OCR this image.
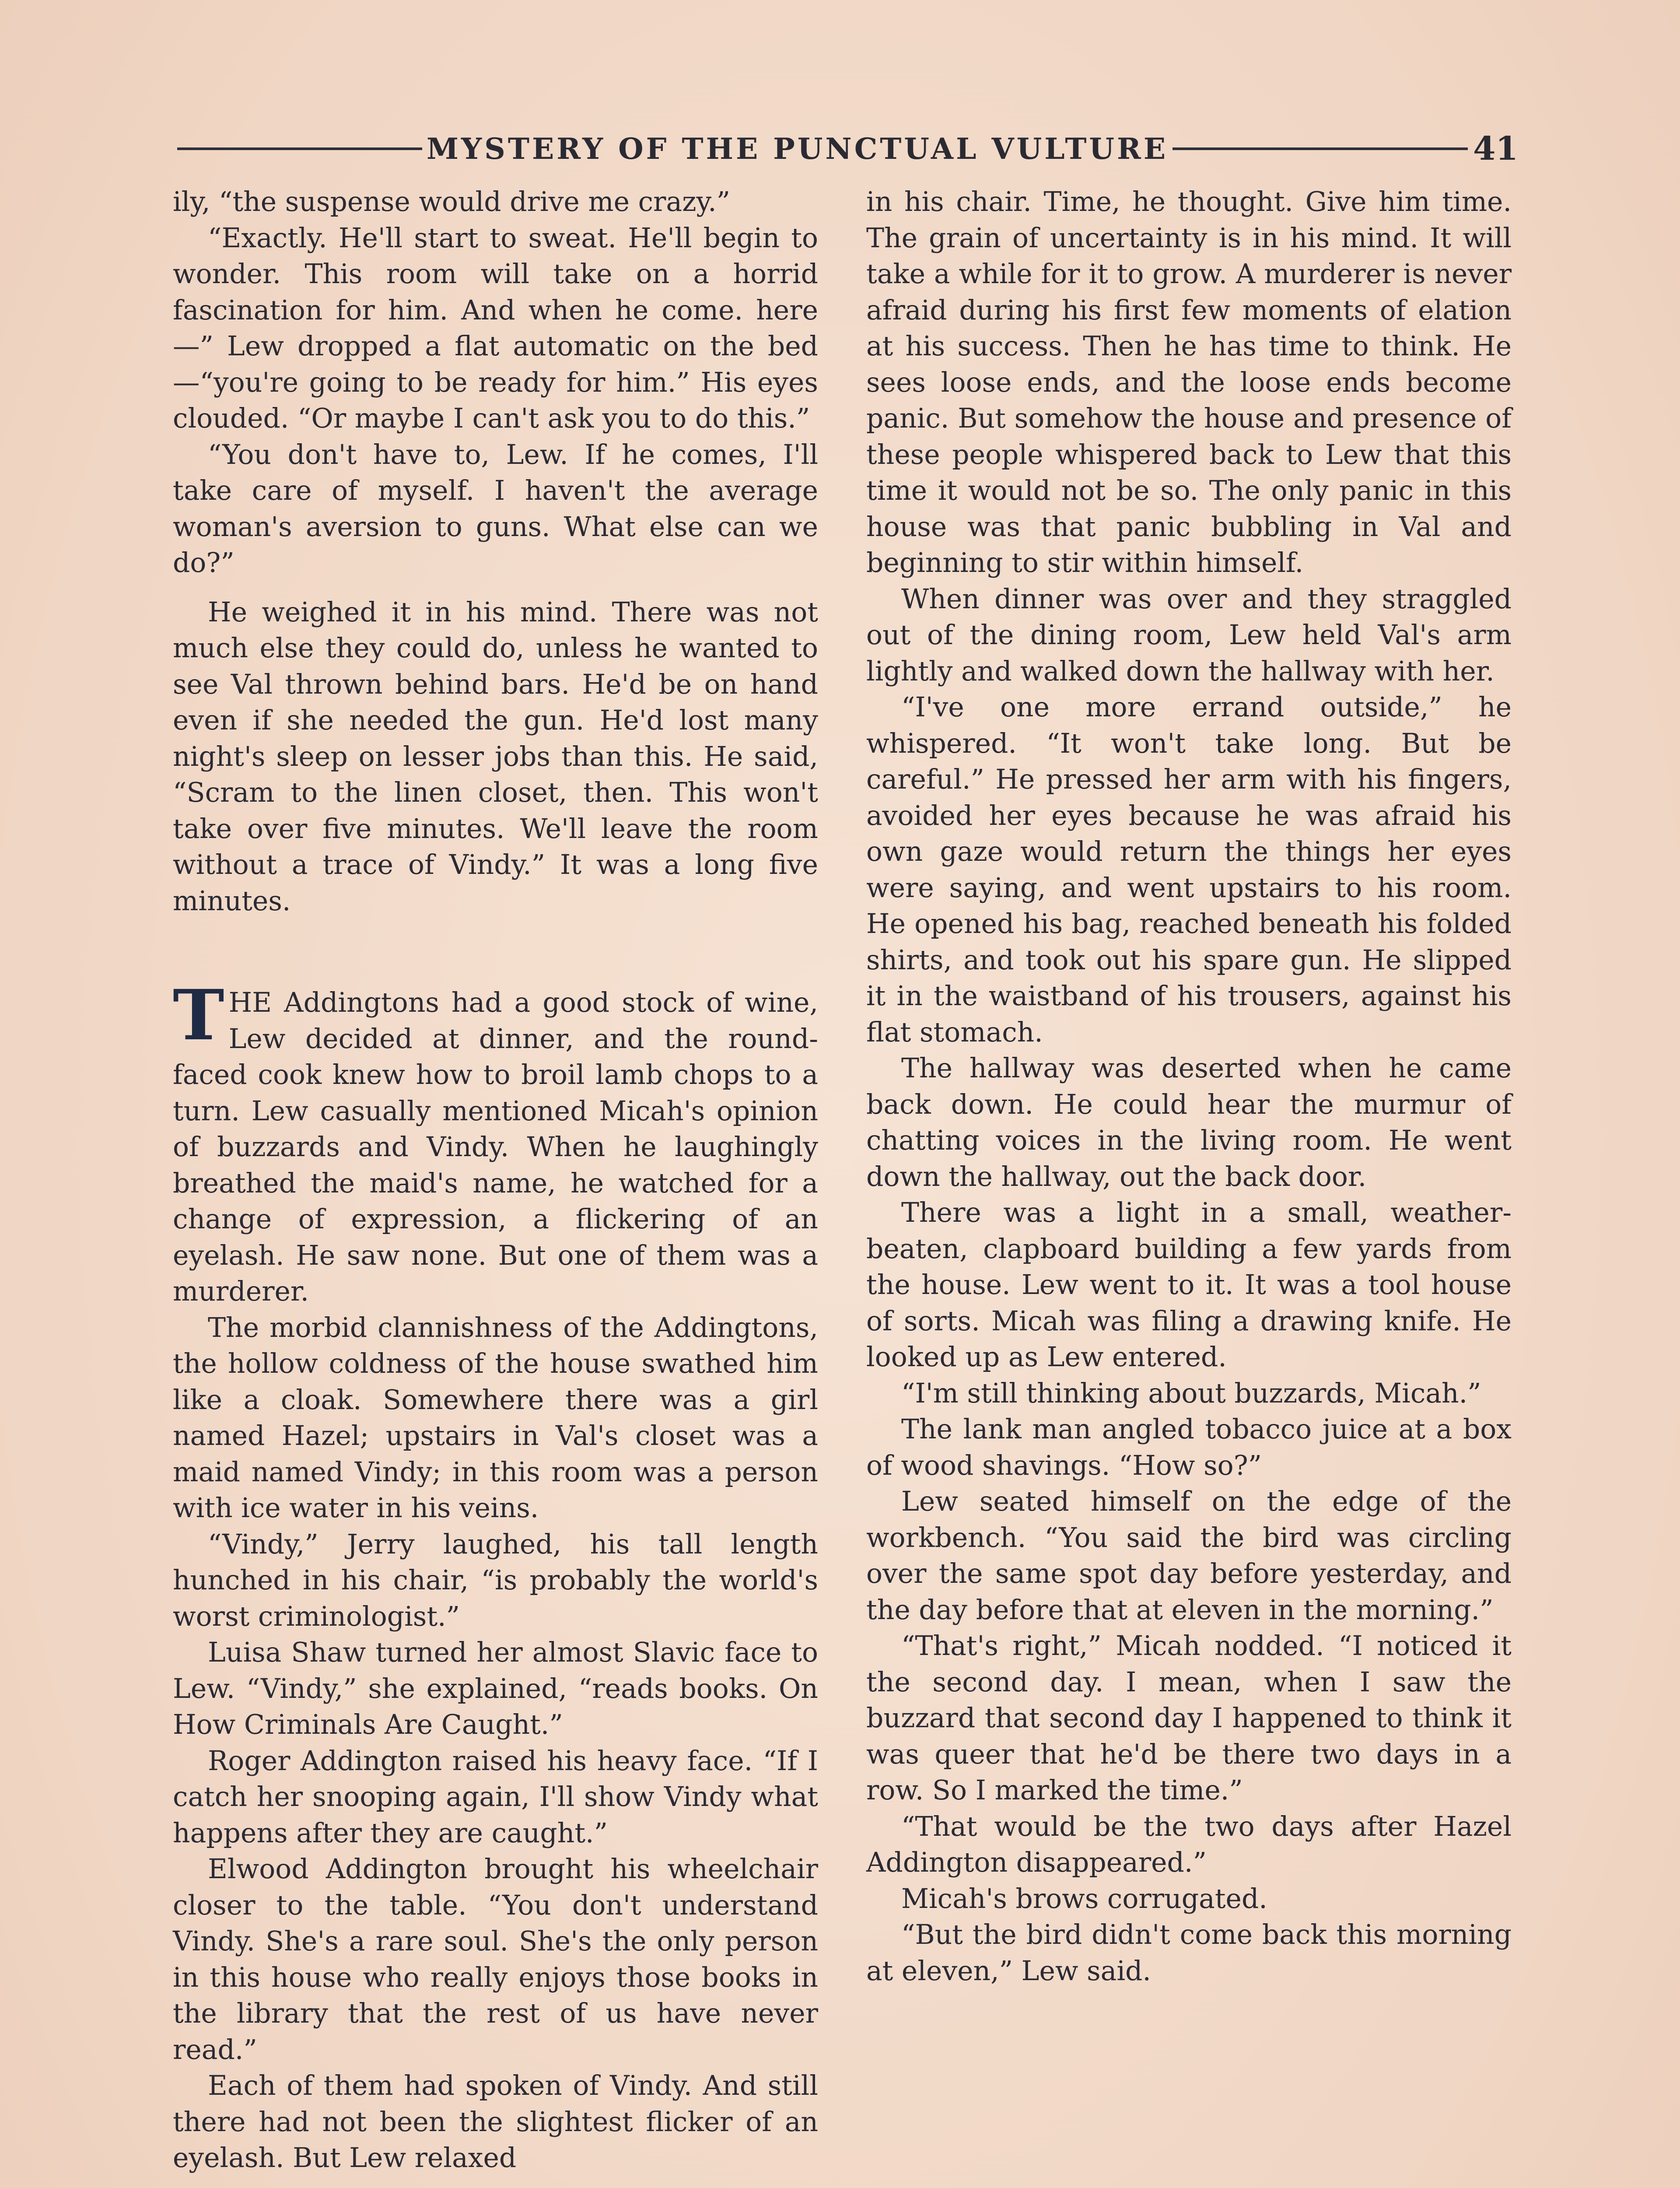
MYSTERY OF THE PUNCTUAL VULTURE	41

ily, “the suspense would drive me crazy.”

“Exactly. He'll start to sweat. He'll begin to wonder. This room will take on a horrid fascination for him. And when he come. here—” Lew dropped a flat automatic on the bed—“you're going to be ready for him.” His eyes clouded. “Or maybe I can't ask you to do this.”

“You don't have to, Lew. If he comes, I'll take care of myself. I haven't the average woman's aversion to guns. What else can we do?”

He weighed it in his mind. There was not much else they could do, unless he wanted to see Val thrown behind bars. He'd be on hand even if she needed the gun. He'd lost many night's sleep on lesser jobs than this. He said, “Scram to the linen closet, then. This won't take over five minutes. We'll leave the room without a trace of Vindy.” It was a long five minutes.

THE Addingtons had a good stock of wine, Lew decided at dinner, and the round-faced cook knew how to broil lamb chops to a turn. Lew casually mentioned Micah's opinion of buzzards and Vindy. When he laughingly breathed the maid's name, he watched for a change of expression, a flickering of an eyelash. He saw none. But one of them was a murderer.

The morbid clannishness of the Addingtons, the hollow coldness of the house swathed him like a cloak. Somewhere there was a girl named Hazel; upstairs in Val's closet was a maid named Vindy; in this room was a person with ice water in his veins.

“Vindy,” Jerry laughed, his tall length hunched in his chair, “is probably the world's worst criminologist.”

Luisa Shaw turned her almost Slavic face to Lew. “Vindy,” she explained, “reads books. On How Criminals Are Caught.”

Roger Addington raised his heavy face. “If I catch her snooping again, I'll show Vindy what happens after they are caught.”

Elwood Addington brought his wheelchair closer to the table. “You don't understand Vindy. She's a rare soul. She's the only person in this house who really enjoys those books in the library that the rest of us have never read.”

Each of them had spoken of Vindy. And still there had not been the slightest flicker of an eyelash. But Lew relaxed

in his chair. Time, he thought. Give him time. The grain of uncertainty is in his mind. It will take a while for it to grow. A murderer is never afraid during his first few moments of elation at his success. Then he has time to think. He sees loose ends, and the loose ends become panic. But somehow the house and presence of these people whispered back to Lew that this time it would not be so. The only panic in this house was that panic bubbling in Val and beginning to stir within himself.

When dinner was over and they straggled out of the dining room, Lew held Val's arm lightly and walked down the hallway with her.

“I've one more errand outside,” he whispered. “It won't take long. But be careful.” He pressed her arm with his fingers, avoided her eyes because he was afraid his own gaze would return the things her eyes were saying, and went upstairs to his room. He opened his bag, reached beneath his folded shirts, and took out his spare gun. He slipped it in the waistband of his trousers, against his flat stomach.

The hallway was deserted when he came back down. He could hear the murmur of chatting voices in the living room. He went down the hallway, out the back door.

There was a light in a small, weather-beaten, clapboard building a few yards from the house. Lew went to it. It was a tool house of sorts. Micah was filing a drawing knife. He looked up as Lew entered.

“I'm still thinking about buzzards, Micah.”

The lank man angled tobacco juice at a box of wood shavings. “How so?”

Lew seated himself on the edge of the workbench. “You said the bird was circling over the same spot day before yesterday, and the day before that at eleven in the morning.”

“That's right,” Micah nodded. “I noticed it the second day. I mean, when I saw the buzzard that second day I happened to think it was queer that he'd be there two days in a row. So I marked the time.”

“That would be the two days after Hazel Addington disappeared.”

Micah's brows corrugated.

“But the bird didn't come back this morning at eleven,” Lew said.
